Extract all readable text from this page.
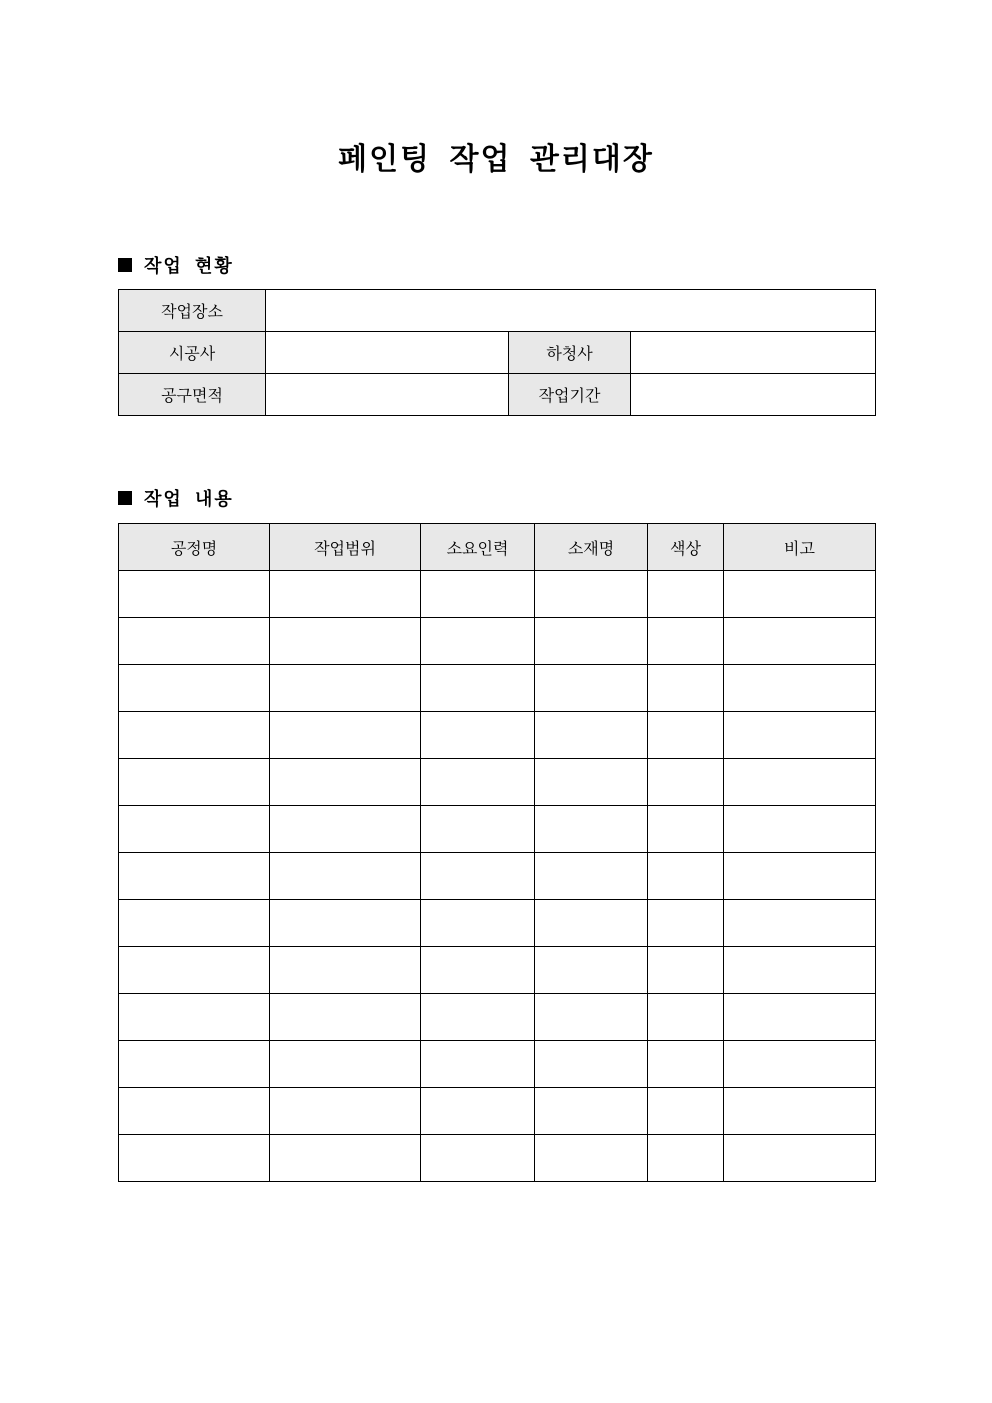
페인팅 작업 관리대장
작업 현황
작업장소			
시공사		하청사	
공구면적		작업기간	
작업 내용
공정명	작업범위	소요인력	소재명	색상	비고
